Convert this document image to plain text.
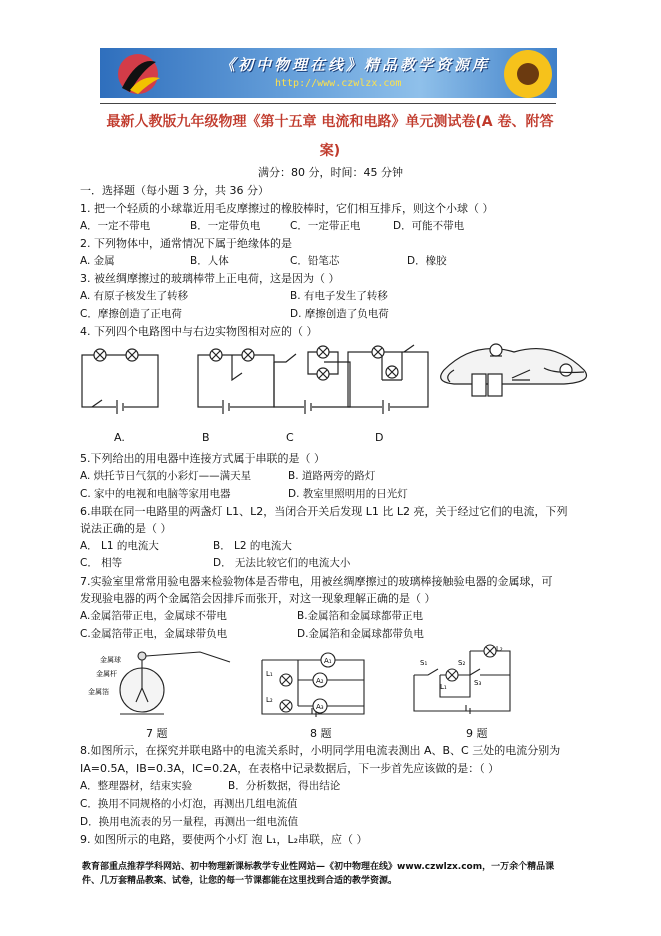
《初中物理在线》精品教学资源库
http://www.czwlzx.com
最新人教版九年级物理《第十五章 电流和电路》单元测试卷(A 卷、附答
案)
满分：80 分，时间：45 分钟
一．选择题（每小题 3 分，共 36 分）
1. 把一个轻质的小球靠近用毛皮摩擦过的橡胶棒时，它们相互排斥，则这个小球（ ）
A．一定不带电	B．一定带负电	C．一定带正电	D．可能不带电
2. 下列物体中，通常情况下属于绝缘体的是
A. 金属	B．人体	C．铅笔芯	D．橡胶
3. 被丝绸摩擦过的玻璃棒带上正电荷，这是因为（ ）
A. 有原子核发生了转移	B. 有电子发生了转移
C．摩擦创造了正电荷	D. 摩擦创造了负电荷
4. 下列四个电路图中与右边实物图相对应的（ ）
A.	B	C	D
5.下列给出的用电器中连接方式属于串联的是（ ）
A. 烘托节日气氛的小彩灯——满天星	B. 道路两旁的路灯
C. 家中的电视和电脑等家用电器	D. 教室里照明用的日光灯
6.串联在同一电路里的两盏灯 L1、L2，当闭合开关后发现 L1 比 L2 亮，关于经过它们的电流，下列
说法正确的是（ ）
A． L1 的电流大	B． L2 的电流大
C． 相等	D． 无法比较它们的电流大小
7.实验室里常常用验电器来检验物体是否带电，用被丝绸摩擦过的玻璃棒接触验电器的金属球，可
发现验电器的两个金属箔会因排斥而张开，对这一现象理解正确的是（ ）
A.金属箔带正电，金属球不带电	B.金属箔和金属球都带正电
C.金属箔带正电，金属球带负电	D.金属箔和金属球都带负电
金属球
金属杆
金属箔
A₁
A₂
A₃
L₁
L₂
S₁	S₂
S₃
L₁
L₂
7 题	8 题	9 题
8.如图所示，在探究并联电路中的电流关系时，小明同学用电流表测出 A、B、C 三处的电流分别为
IA=0.5A，IB=0.3A，IC=0.2A，在表格中记录数据后，下一步首先应该做的是：（ ）
A．整理器材，结束实验	B．分析数据，得出结论
C．换用不同规格的小灯泡，再测出几组电流值
D．换用电流表的另一量程，再测出一组电流值
9. 如图所示的电路，要使两个小灯 泡 L₁，L₂串联，应（ ）
教育部重点推荐学科网站、初中物理新课标教学专业性网站—《初中物理在线》www.czwlzx.com，一万余个精品课
件、几万套精品教案、试卷，让您的每一节课都能在这里找到合适的教学资源。
